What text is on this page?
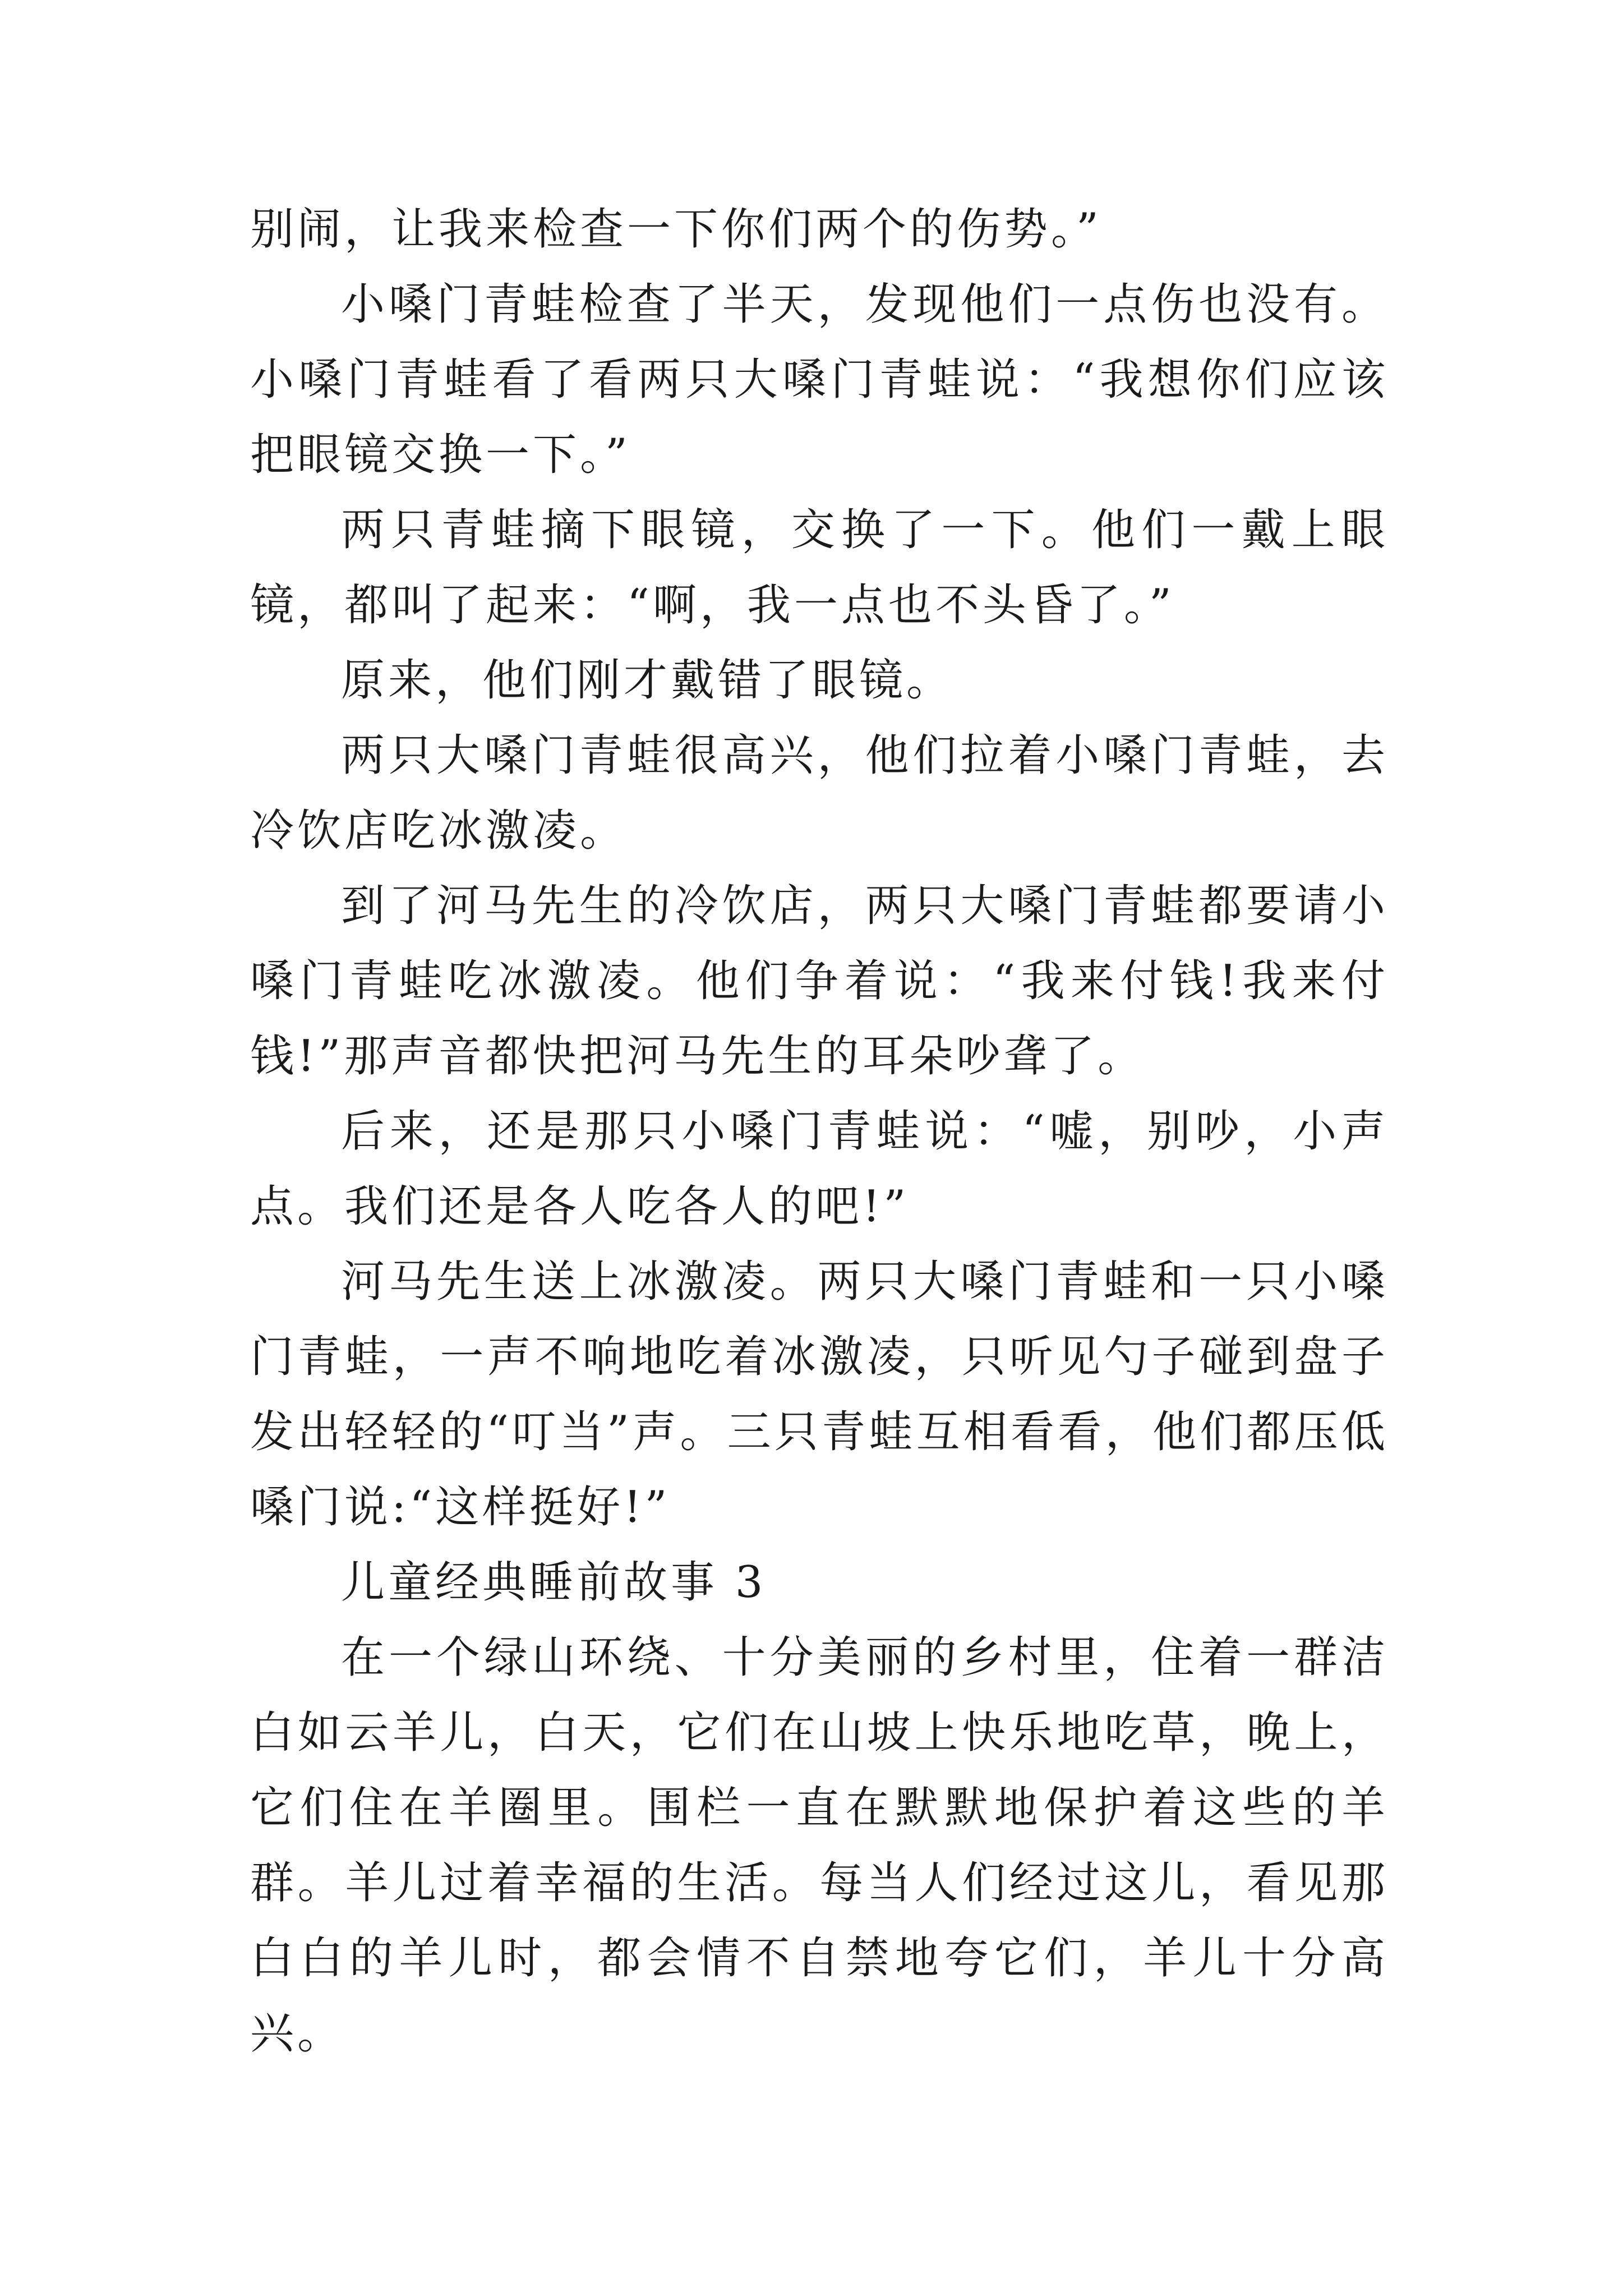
别闹，让我来检查一下你们两个的伤势。”

小嗓门青蛙检查了半天，发现他们一点伤也没有。小嗓门青蛙看了看两只大嗓门青蛙说：“我想你们应该把眼镜交换一下。”

两只青蛙摘下眼镜，交换了一下。他们一戴上眼镜，都叫了起来：“啊，我一点也不头昏了。”

原来，他们刚才戴错了眼镜。

两只大嗓门青蛙很高兴，他们拉着小嗓门青蛙，去冷饮店吃冰激凌。

到了河马先生的冷饮店，两只大嗓门青蛙都要请小嗓门青蛙吃冰激凌。他们争着说：“我来付钱!我来付钱!”那声音都快把河马先生的耳朵吵聋了。

后来，还是那只小嗓门青蛙说：“嘘，别吵，小声点。我们还是各人吃各人的吧!”

河马先生送上冰激凌。两只大嗓门青蛙和一只小嗓门青蛙，一声不响地吃着冰激凌，只听见勺子碰到盘子发出轻轻的“叮当”声。三只青蛙互相看看，他们都压低嗓门说:“这样挺好!”

儿童经典睡前故事 3

在一个绿山环绕、十分美丽的乡村里，住着一群洁白如云羊儿，白天，它们在山坡上快乐地吃草，晚上，它们住在羊圈里。围栏一直在默默地保护着这些的羊群。羊儿过着幸福的生活。每当人们经过这儿，看见那白白的羊儿时，都会情不自禁地夸它们，羊儿十分高兴。
